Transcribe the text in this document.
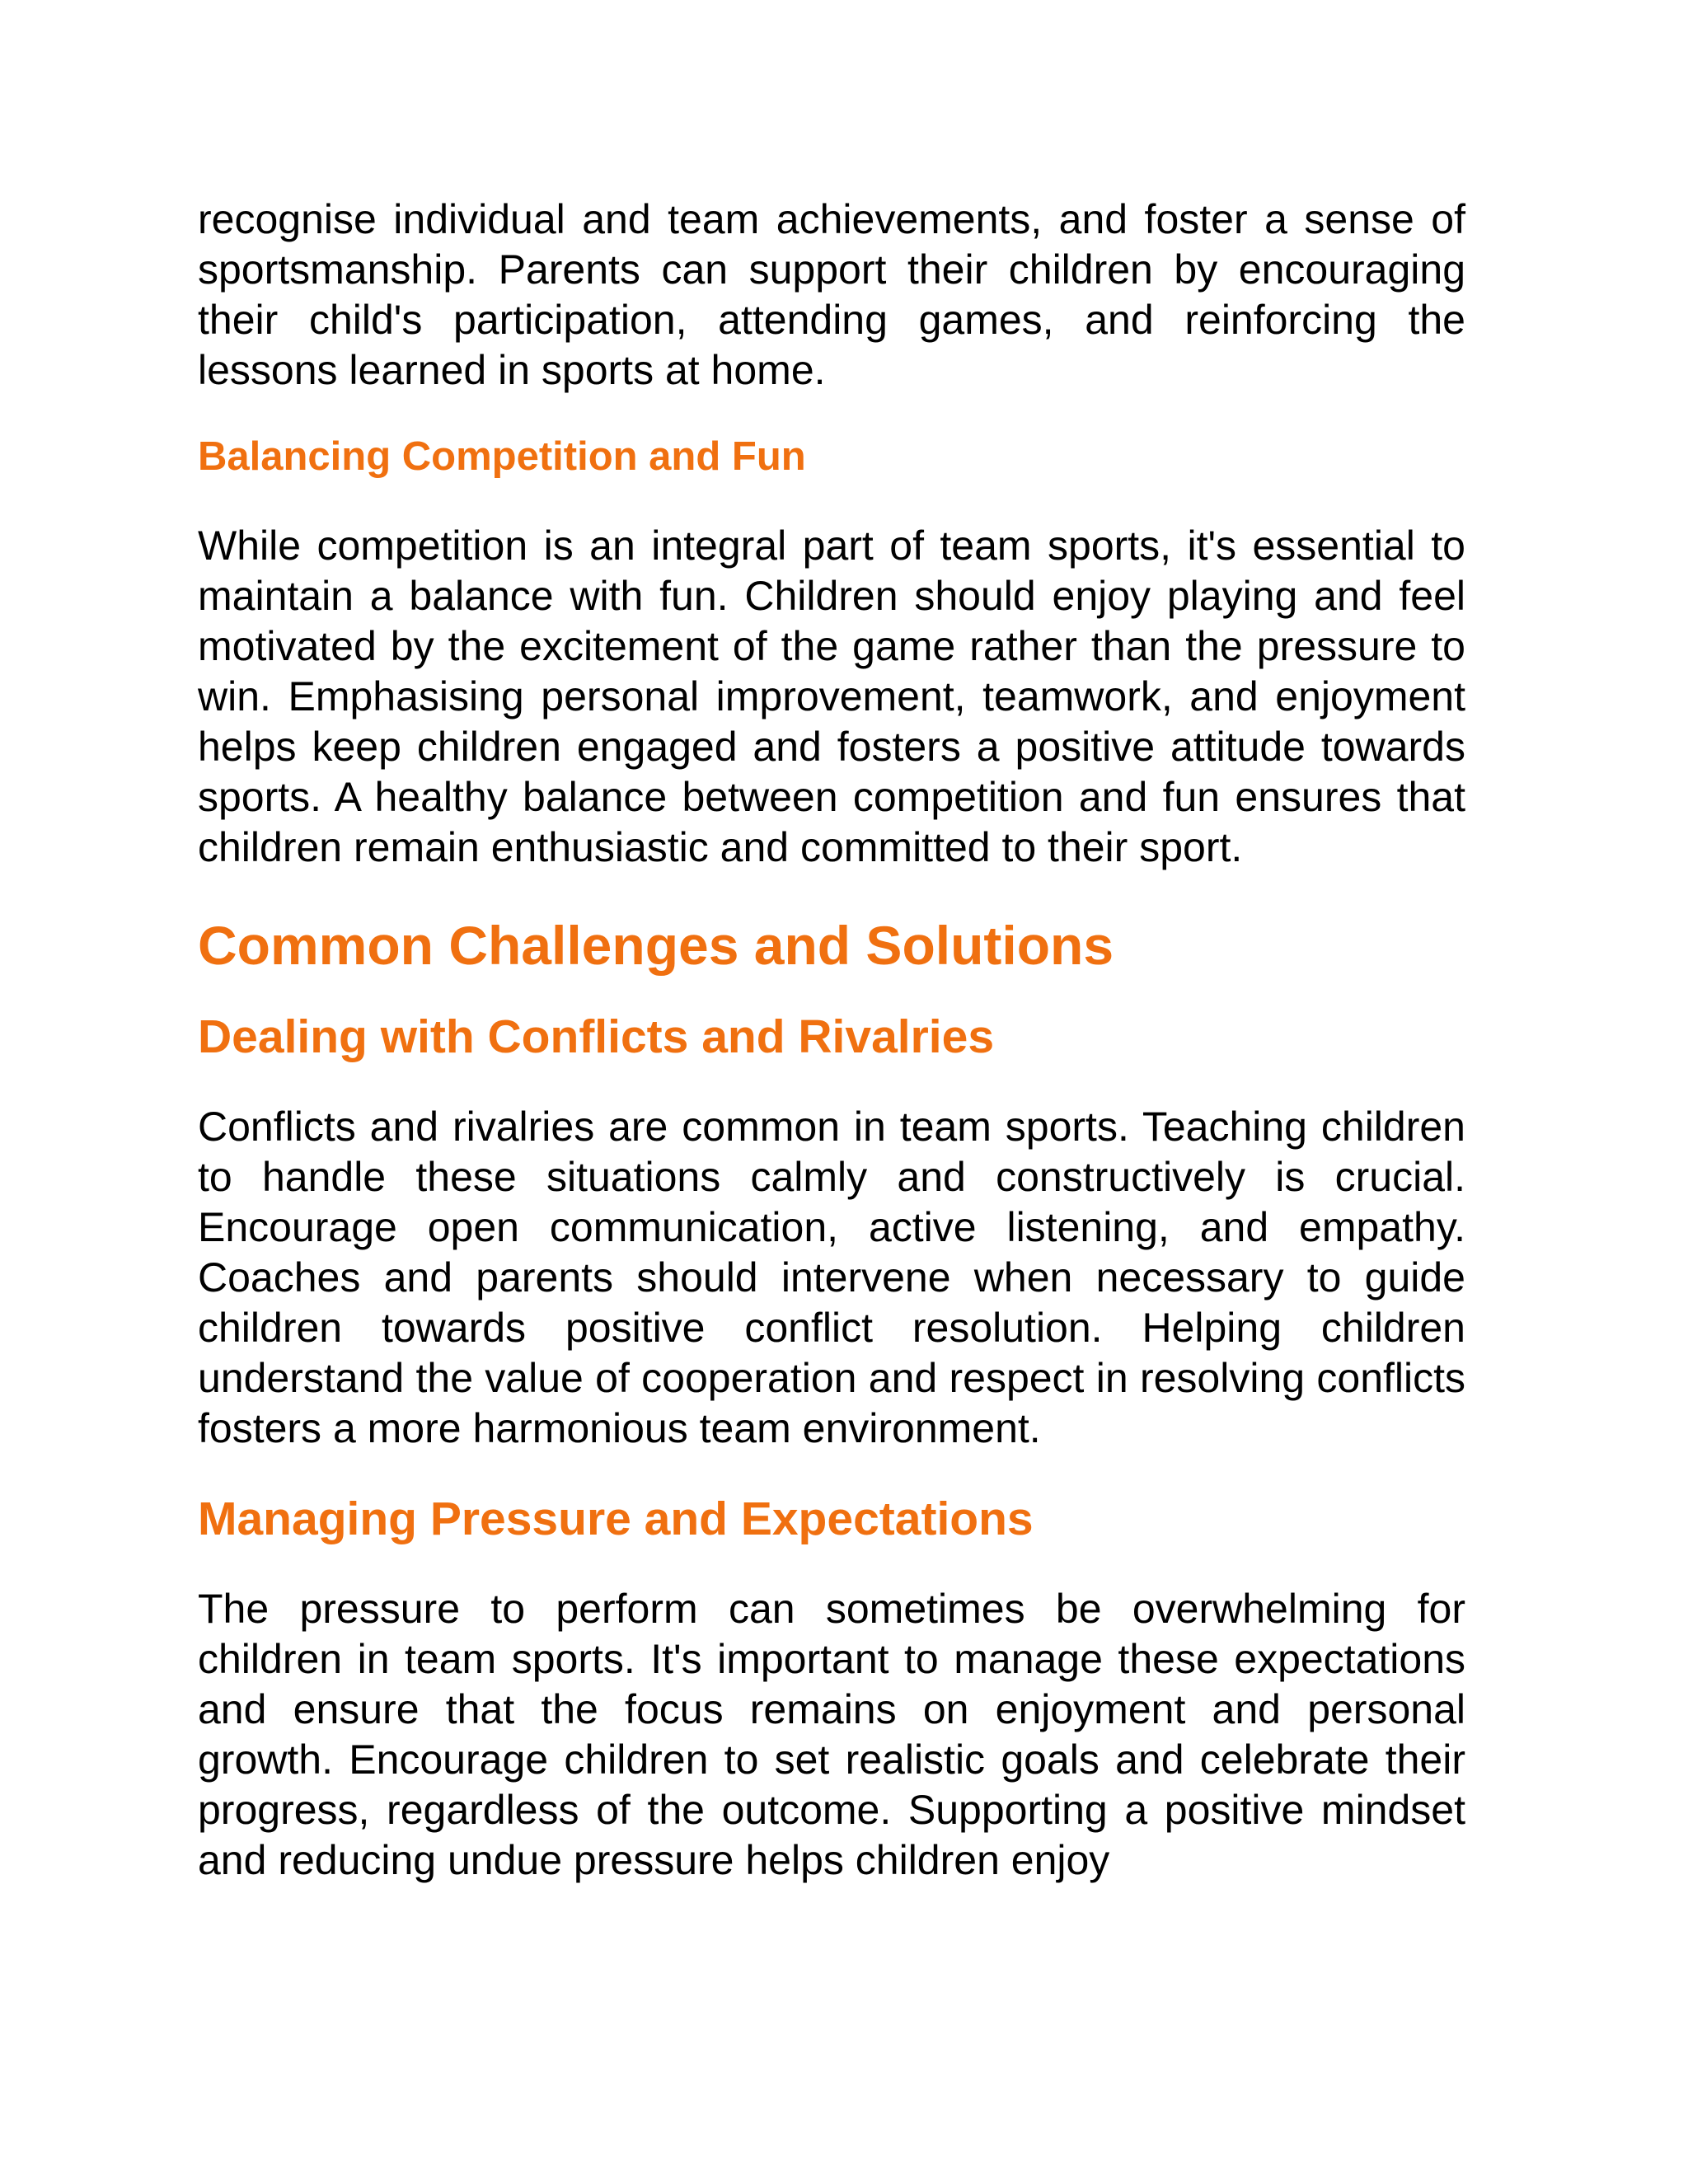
recognise individual and team achievements, and foster a sense of sportsmanship. Parents can support their children by encouraging their child's participation, attending games, and reinforcing the lessons learned in sports at home.

Balancing Competition and Fun

While competition is an integral part of team sports, it's essential to maintain a balance with fun. Children should enjoy playing and feel motivated by the excitement of the game rather than the pressure to win. Emphasising personal improvement, teamwork, and enjoyment helps keep children engaged and fosters a positive attitude towards sports. A healthy balance between competition and fun ensures that children remain enthusiastic and committed to their sport.

Common Challenges and Solutions
Dealing with Conflicts and Rivalries

Conflicts and rivalries are common in team sports. Teaching children to handle these situations calmly and constructively is crucial. Encourage open communication, active listening, and empathy. Coaches and parents should intervene when necessary to guide children towards positive conflict resolution. Helping children understand the value of cooperation and respect in resolving conflicts fosters a more harmonious team environment.

Managing Pressure and Expectations

The pressure to perform can sometimes be overwhelming for children in team sports. It's important to manage these expectations and ensure that the focus remains on enjoyment and personal growth. Encourage children to set realistic goals and celebrate their progress, regardless of the outcome. Supporting a positive mindset and reducing undue pressure helps children enjoy
